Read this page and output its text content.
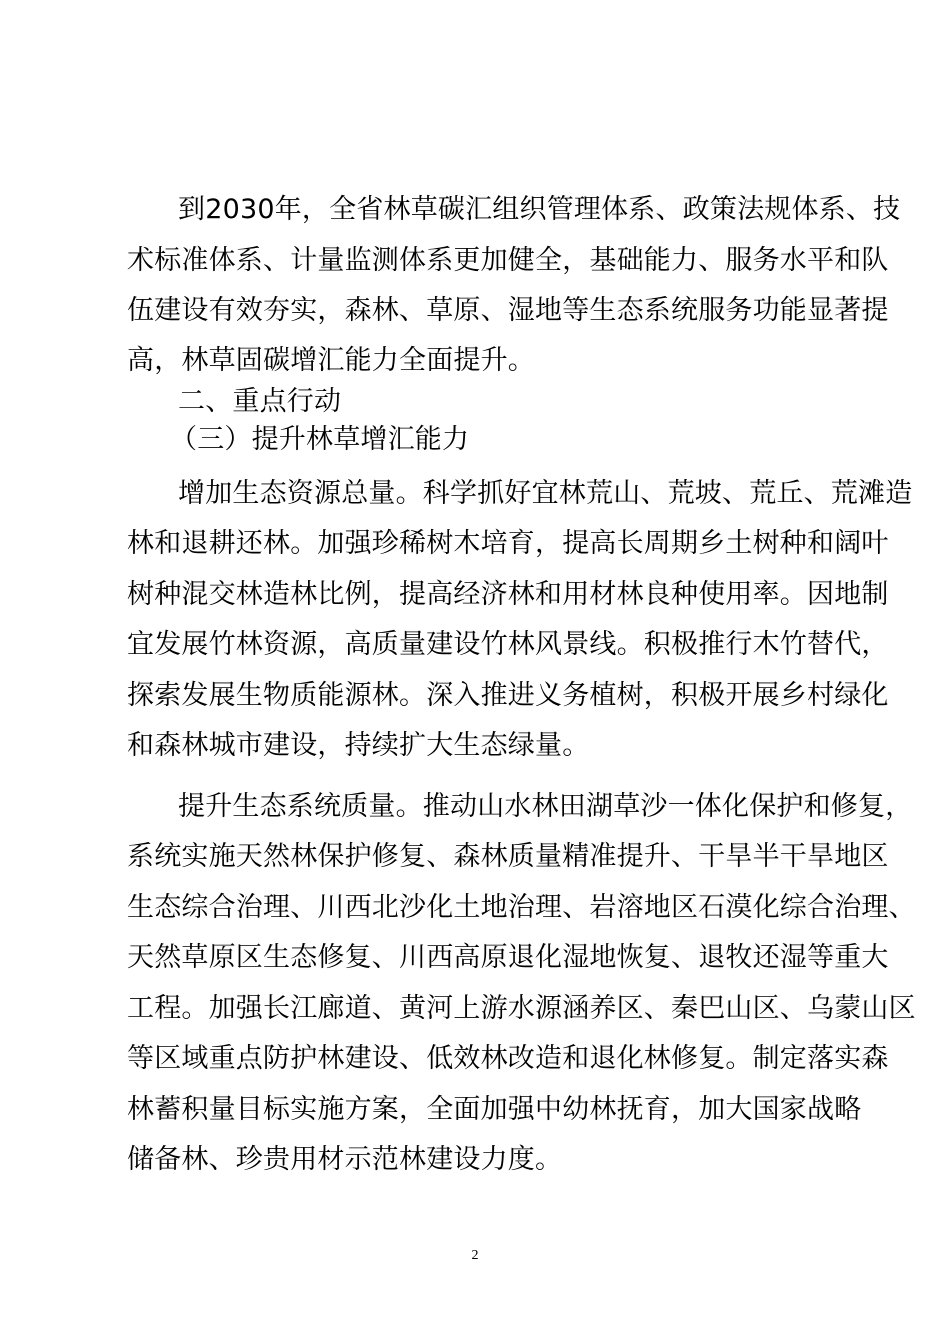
到2030年，全省林草碳汇组织管理体系、政策法规体系、技
术标准体系、计量监测体系更加健全，基础能力、服务水平和队
伍建设有效夯实，森林、草原、湿地等生态系统服务功能显著提
高，林草固碳增汇能力全面提升。
二、重点行动
（三）提升林草增汇能力
增加生态资源总量。科学抓好宜林荒山、荒坡、荒丘、荒滩造
林和退耕还林。加强珍稀树木培育，提高长周期乡土树种和阔叶
树种混交林造林比例，提高经济林和用材林良种使用率。因地制
宜发展竹林资源，高质量建设竹林风景线。积极推行木竹替代，
探索发展生物质能源林。深入推进义务植树，积极开展乡村绿化
和森林城市建设，持续扩大生态绿量。
提升生态系统质量。推动山水林田湖草沙一体化保护和修复，
系统实施天然林保护修复、森林质量精准提升、干旱半干旱地区
生态综合治理、川西北沙化土地治理、岩溶地区石漠化综合治理、
天然草原区生态修复、川西高原退化湿地恢复、退牧还湿等重大
工程。加强长江廊道、黄河上游水源涵养区、秦巴山区、乌蒙山区
等区域重点防护林建设、低效林改造和退化林修复。制定落实森
林蓄积量目标实施方案，全面加强中幼林抚育，加大国家战略
储备林、珍贵用材示范林建设力度。
2
